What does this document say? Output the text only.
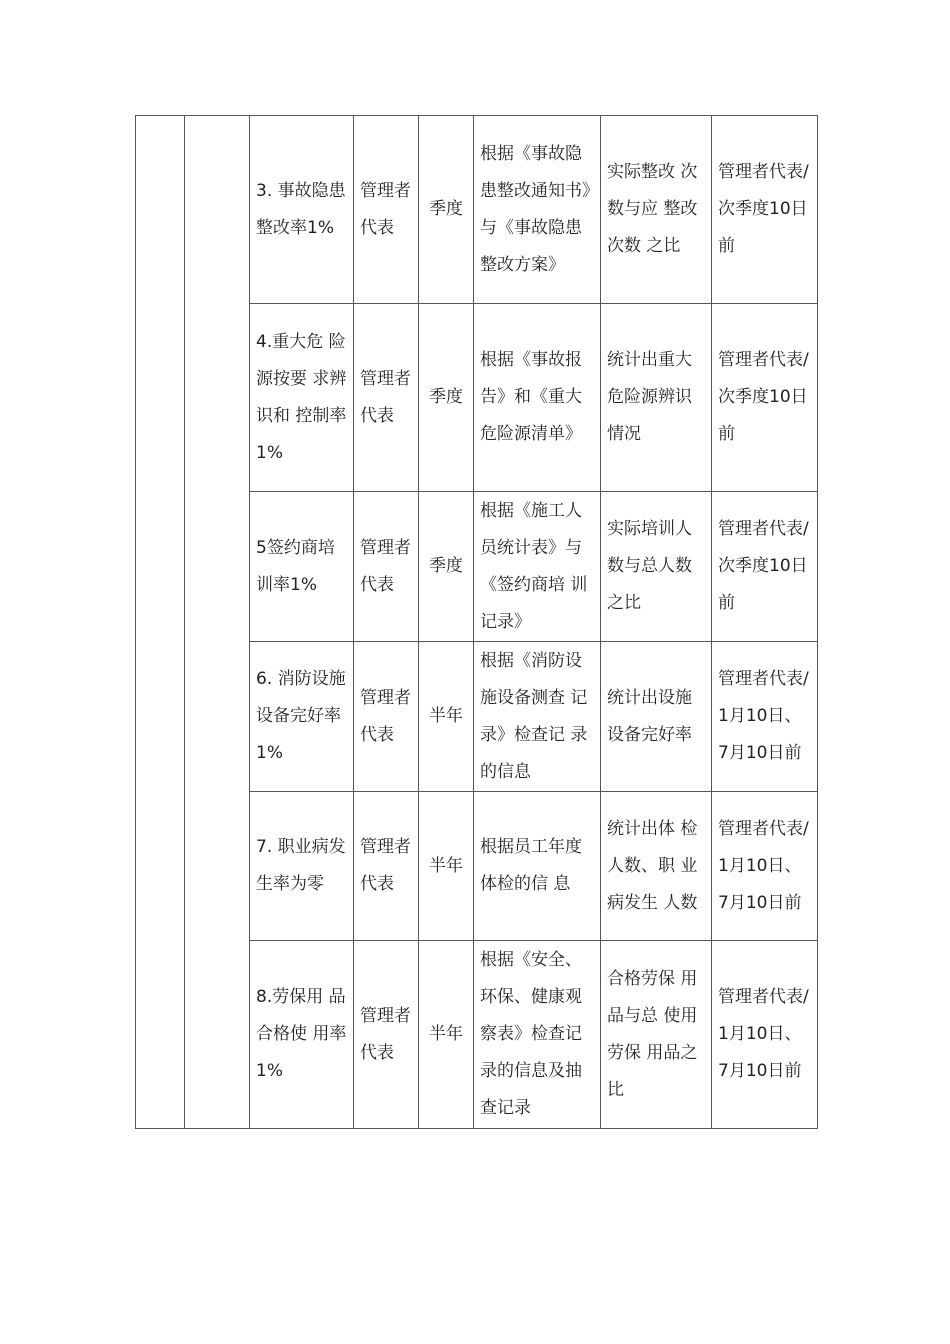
		3. 事故隐患整改率1%	管理者代表	季度	根据《事故隐患整改通知书》与《事故隐患整改方案》	实际整改 次数与应 整改次数 之比	管理者代表/次季度10日前
		4.重大危 险源按要 求辨识和 控制率 1%	管理者代表	季度	根据《事故报告》和《重大危险源清单》	统计出重大危险源辨识情况	管理者代表/次季度10日前
		5签约商培训率1%	管理者代表	季度	根据《施工人员统计表》与《签约商培 训记录》	实际培训人数与总人数之比	管理者代表/次季度10日前
		6. 消防设施设备完好率1%	管理者代表	半年	根据《消防设施设备测查 记录》检查记 录的信息	统计出设施设备完好率	管理者代表/1月10日、7月10日前
		7. 职业病发生率为零	管理者代表	半年	根据员工年度体检的信 息	统计出体 检人数、职 业病发生 人数	管理者代表/1月10日、7月10日前
		8.劳保用 品合格使 用率 1%	管理者代表	半年	根据《安全、环保、健康观察表》检查记录的信息及抽查记录	合格劳保 用品与总 使用劳保 用品之比	管理者代表/1月10日、7月10日前
